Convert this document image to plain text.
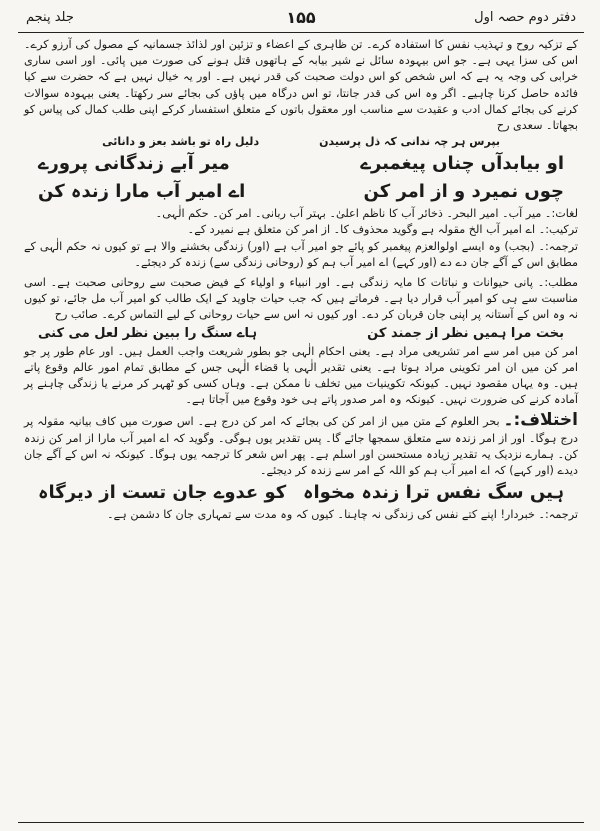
دفتر دوم حصہ اول
۱۵۵
جلد پنجم

کے تزکیہ روح و تہذیب نفس کا استفادہ کرے۔ تن ظاہری کے اعضاء و تزئین اور لذائذ جسمانیہ کے مصول کی آرزو کرے۔ اس کی سزا یہی ہے۔ جو اس بیہودہ سائل نے شیر بیابہ کے ہاتھوں قتل ہونے کی صورت میں پائی۔ اور اسی ساری خرابی کی وجہ یہ ہے کہ اس شخص کو اس دولت صحبت کی قدر نہیں ہے۔ اور یہ خیال نہیں ہے کہ حضرت سے کیا فائدہ حاصل کرنا چاہیے۔ اگر وہ اس کی قدر جانتا، تو اس درگاہ میں پاؤں کی بجائے سر رکھتا۔ یعنی بیہودہ سوالات کرنے کی بجائے کمال ادب و عقیدت سے مناسب اور معقول باتوں کے متعلق استفسار کرکے اپنی طلب کمال کی پیاس کو بجھاتا۔ سعدی رح

بپرس ہر چہ ندانی کہ ذل پرسیدن
دلیل راہ تو باشد بعز و دانائی
او بیابدآں چناں پیغمبرے
میر آبے زندگانی پرورے
چوں نمیرد و از امر کن
اے امیر آب مارا زندہ کن

لغات:۔ میر آب۔ امیر البحر۔ ذخائر آب کا ناظم اعلیٰ۔ بہتر آب ربانی۔ امر کن۔ حکم الٰہی۔

ترکیب:۔ اے امیر آب الخ مقولہ ہے وگوید محذوف کا۔ از امر کن متعلق ہے نمیرد کے۔

ترجمہ:۔ (بجب) وہ ایسے اولوالعزم پیغمبر کو پائے جو امیر آب ہے (اور) زندگی بخشنے والا ہے تو کیوں نہ حکم الٰہی کے مطابق اس کے آگے جان دے دے (اور کہے) اے امیر آب ہم کو (روحانی زندگی سے) زندہ کر دیجئے۔

مطلب:۔ پانی حیوانات و نباتات کا مایہ زندگی ہے۔ اور انبیاء و اولیاء کے فیض صحبت سے روحانی صحبت ہے۔ اسی مناسبت سے ہی کو امیر آب قرار دیا ہے۔ فرماتے ہیں کہ جب حیات جاوید کے ایک طالب کو امیر آب مل جائے، تو کیوں نہ وہ اس کے آستانہ پر اپنی جان قربان کر دے۔ اور کیوں نہ اس سے حیات روحانی کے لیے التماس کرے۔ صائب رح

بخت مرا ہمیں نظر از جمند کن
ہاے سنگ را ببین نظر لعل می کنی

امر کن میں امر سے امر تشریعی مراد ہے۔ یعنی احکام الٰہی جو بطور شریعت واجب العمل ہیں۔ اور عام طور پر جو امر کن میں ان امر تکوینی مراد ہوتا ہے۔ یعنی تقدیر الٰہی یا قضاء الٰہی جس کے مطابق تمام امور عالم وقوع پاتے ہیں۔ وہ یہاں مقصود نہیں۔ کیونکہ تکوینیات میں تخلف نا ممکن ہے۔ وہاں کسی کو ٹھہر کر مرنے یا زندگی چاہنے پر آمادہ کرنے کی ضرورت نہیں۔ کیونکہ وہ امر صدور پاتے ہی خود وقوع میں آجاتا ہے۔

اختلاف:۔ بحر العلوم کے متن میں از امر کن کی بجائے کہ امر کن درج ہے۔ اس صورت میں کاف بیانیہ مقولہ پر درج ہوگا۔ اور از امر زندہ سے متعلق سمجھا جائے گا۔ پس تقدیر یوں ہوگی۔ وگوید کہ اے امیر آب مارا از امر کن زندہ کن۔ ہمارے نزدیک یہ تقدیر زیادہ مستحسن اور اسلم ہے۔ پھر اس شعر کا ترجمہ یوں ہوگا۔ کیونکہ نہ اس کے آگے جان دیدے (اور کہے) کہ اے امیر آب ہم کو اللہ کے امر سے زندہ کر دیجئے۔

ہیں سگ نفس ترا زندہ مخواہ
کو عدوے جان تست از دیرگاہ

ترجمہ:۔ خبردار! اپنے کتے نفس کی زندگی نہ چاہنا۔ کیوں کہ وہ مدت سے تمہاری جان کا دشمن ہے۔
